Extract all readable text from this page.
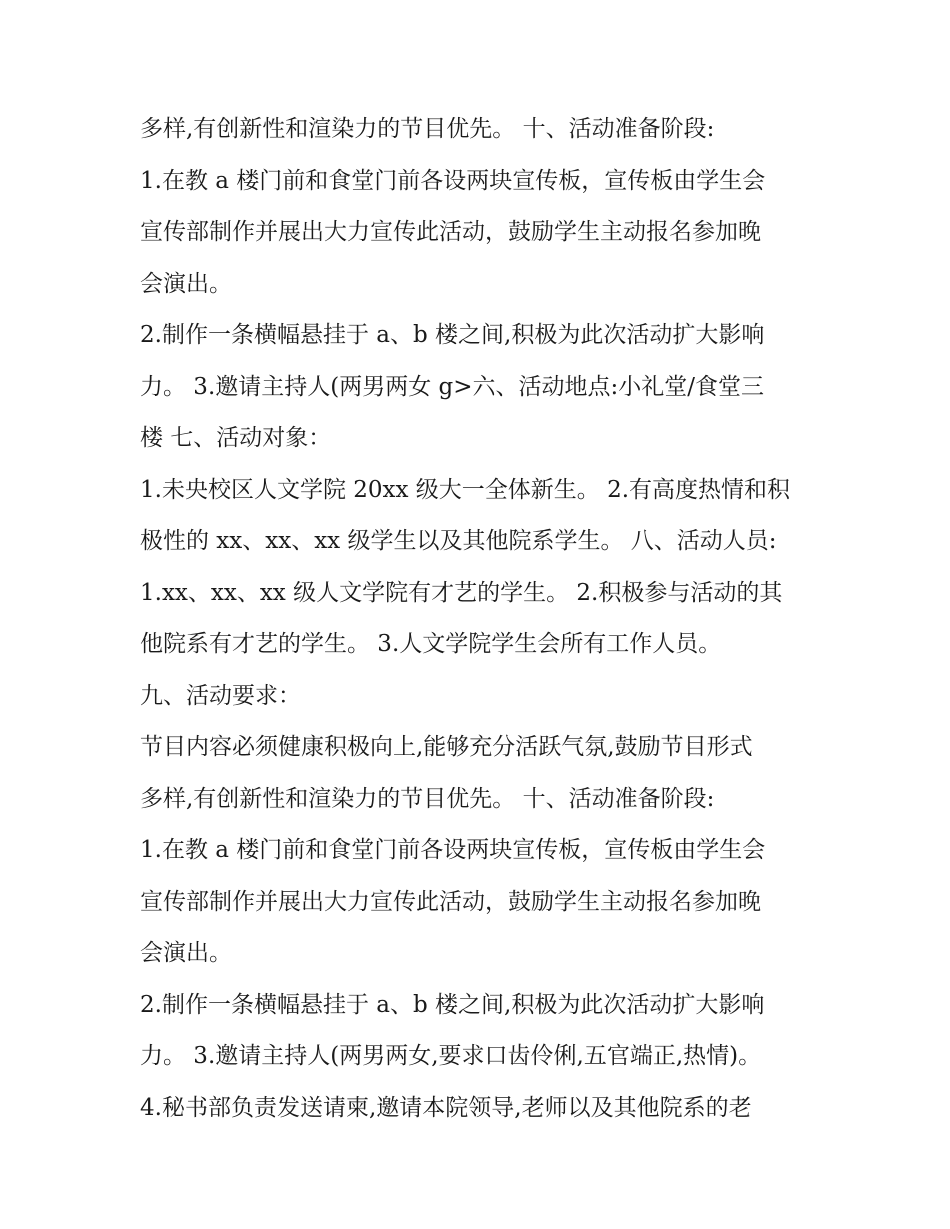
多样,有创新性和渲染力的节目优先。 十、活动准备阶段:
1.在教 a 楼门前和食堂门前各设两块宣传板，宣传板由学生会
宣传部制作并展出大力宣传此活动，鼓励学生主动报名参加晚
会演出。
2.制作一条横幅悬挂于 a、b 楼之间,积极为此次活动扩大影响
力。 3.邀请主持人(两男两女 g>六、活动地点:小礼堂/食堂三
楼 七、活动对象：
1.未央校区人文学院 20xx 级大一全体新生。 2.有高度热情和积
极性的 xx、xx、xx 级学生以及其他院系学生。 八、活动人员:
1.xx、xx、xx 级人文学院有才艺的学生。 2.积极参与活动的其
他院系有才艺的学生。 3.人文学院学生会所有工作人员。
九、活动要求：
节目内容必须健康积极向上,能够充分活跃气氛,鼓励节目形式
多样,有创新性和渲染力的节目优先。 十、活动准备阶段:
1.在教 a 楼门前和食堂门前各设两块宣传板，宣传板由学生会
宣传部制作并展出大力宣传此活动，鼓励学生主动报名参加晚
会演出。
2.制作一条横幅悬挂于 a、b 楼之间,积极为此次活动扩大影响
力。 3.邀请主持人(两男两女,要求口齿伶俐,五官端正,热情)。
4.秘书部负责发送请柬,邀请本院领导,老师以及其他院系的老
